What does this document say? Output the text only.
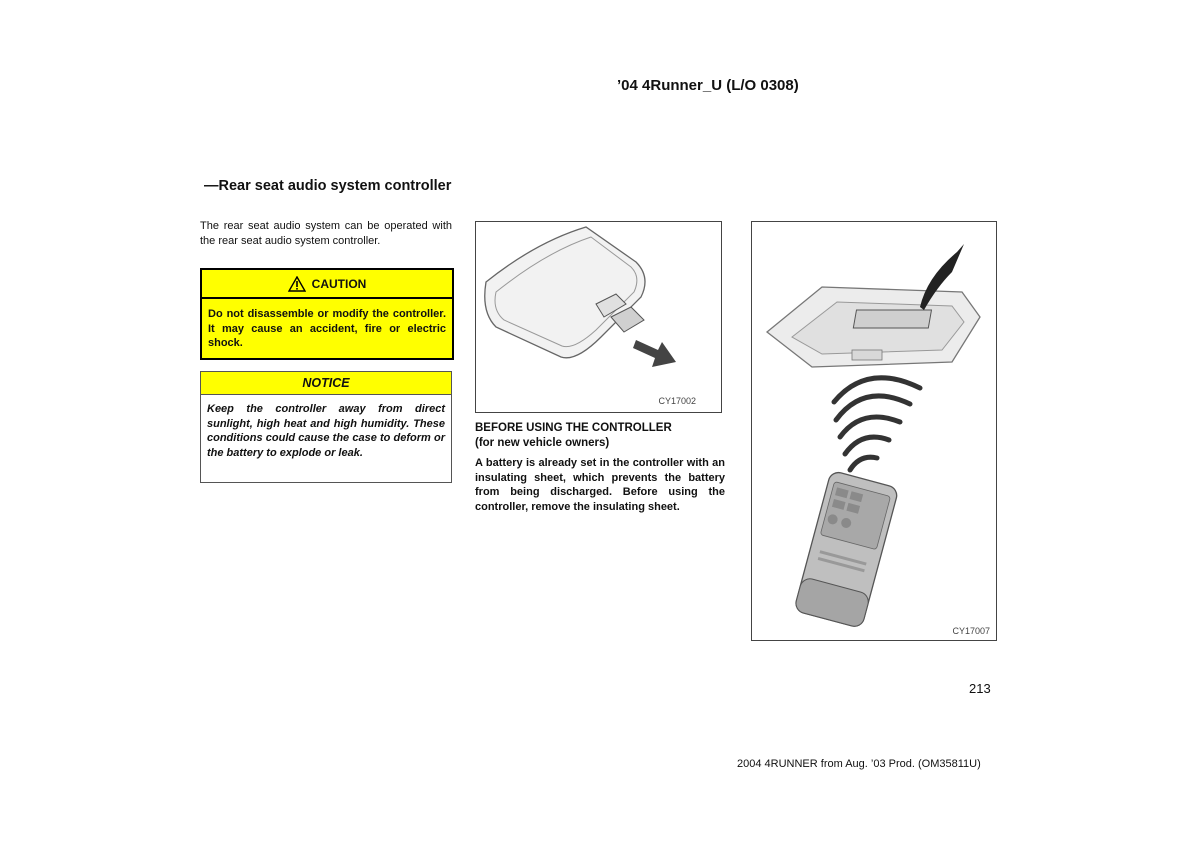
’04 4Runner_U (L/O 0308)
—Rear seat audio system controller
The rear seat audio system can be operated with the rear seat audio system controller.
CAUTION
Do not disassemble or modify the controller. It may cause an accident, fire or electric shock.
NOTICE
Keep the controller away from direct sunlight, high heat and high humidity. These conditions could cause the case to deform or the battery to explode or leak.
CY17002
BEFORE USING THE CONTROLLER
(for new vehicle owners)
A battery is already set in the controller with an insulating sheet, which prevents the battery from being discharged. Before using the controller, remove the insulating sheet.
CY17007
213
2004 4RUNNER from Aug. ’03 Prod. (OM35811U)
